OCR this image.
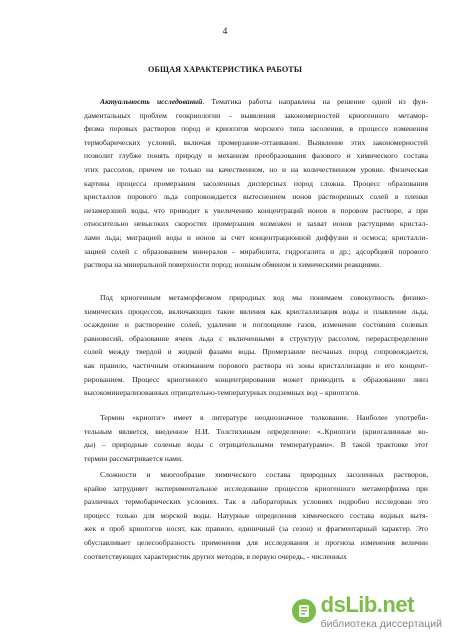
4
ОБЩАЯ ХАРАКТЕРИСТИКА РАБОТЫ
Актуальность исследований. Тематика работы направлена на решение одной из фун-
даментальных проблем геокриологии - выявления закономерностей криогенного метамор-
физма поровых растворов пород и криопэгов морского типа засоления, в процессе изменения
термобарических условий, включая промерзание-оттаивание. Выявление этих закономерностей
позволит глубже понять природу и механизм преобразования фазового и химического состава
этих рассолов, причем не только на качественном, но и на количественном уровне. Физическая
картина процесса промерзания засоленных дисперсных пород сложна. Процесс образования
кристаллов порового льда сопровождается вытеснением ионов растворенных солей в пленки
незамерзшей воды, что приводит к увеличению концентраций ионов в поровом растворе, а при
относительно невысоких скоростях промерзания возможен и захват ионов растущими кристал-
лами льда; миграцией воды и ионов за счет концентрационной диффузии и осмоса; кристалли-
зацией солей с образованием минералов - мирабилита, гидрогалита и др.; адсорбцией порового
раствора на минеральной поверхности пород; ионным обменом и химическими реакциями.
Под криогенным метаморфизмом природных вод мы понимаем совокупность физико-
химических процессов, включающих такие явления как кристаллизация воды и плавление льда,
осаждение и растворение солей, удаление и поглощение газов, изменение состояния солевых
равновесий, образование ячеек льда с включенными в структуру рассолом, перераспределение
солей между твердой и жидкой фазами воды. Промерзание песчаных пород сопровождается,
как правило, частичным отжиманием порового раствора из зоны кристаллизации и его концент-
рированием. Процесс криогенного концентрирования может приводить к образованию линз
высокоминерализованных отрицательно-температурных подземных вод – криопэгов.
Термин «криопэг» имеет в литературе неоднозначное толкование. Наиболее употреби-
тельным является, введенное Н.И. Толстихиным определение: «..Криопэги (криогалинные во-
ды) – природные соленые воды с отрицательными температурами». В такой трактовке этот
термин рассматривается нами.
Сложности и многообразие химического состава природных засоленных растворов,
крайне затрудняет экспериментальное исследование процессов криогенного метаморфизма при
различных термобарических условиях. Так в лабораторных условиях подробно исследован это
процесс только для морской воды. Натурные определения химического состава водных вытя-
жек и проб криопэгов носят, как правило, единичный (за сезон) и фрагментарный характер. Это
обуславливает целесообразность применения для исследования и прогноза изменения величин
соответствующих характеристик других методов, в первую очередь, - численных
dsLib.net
библиотека диссертаций
